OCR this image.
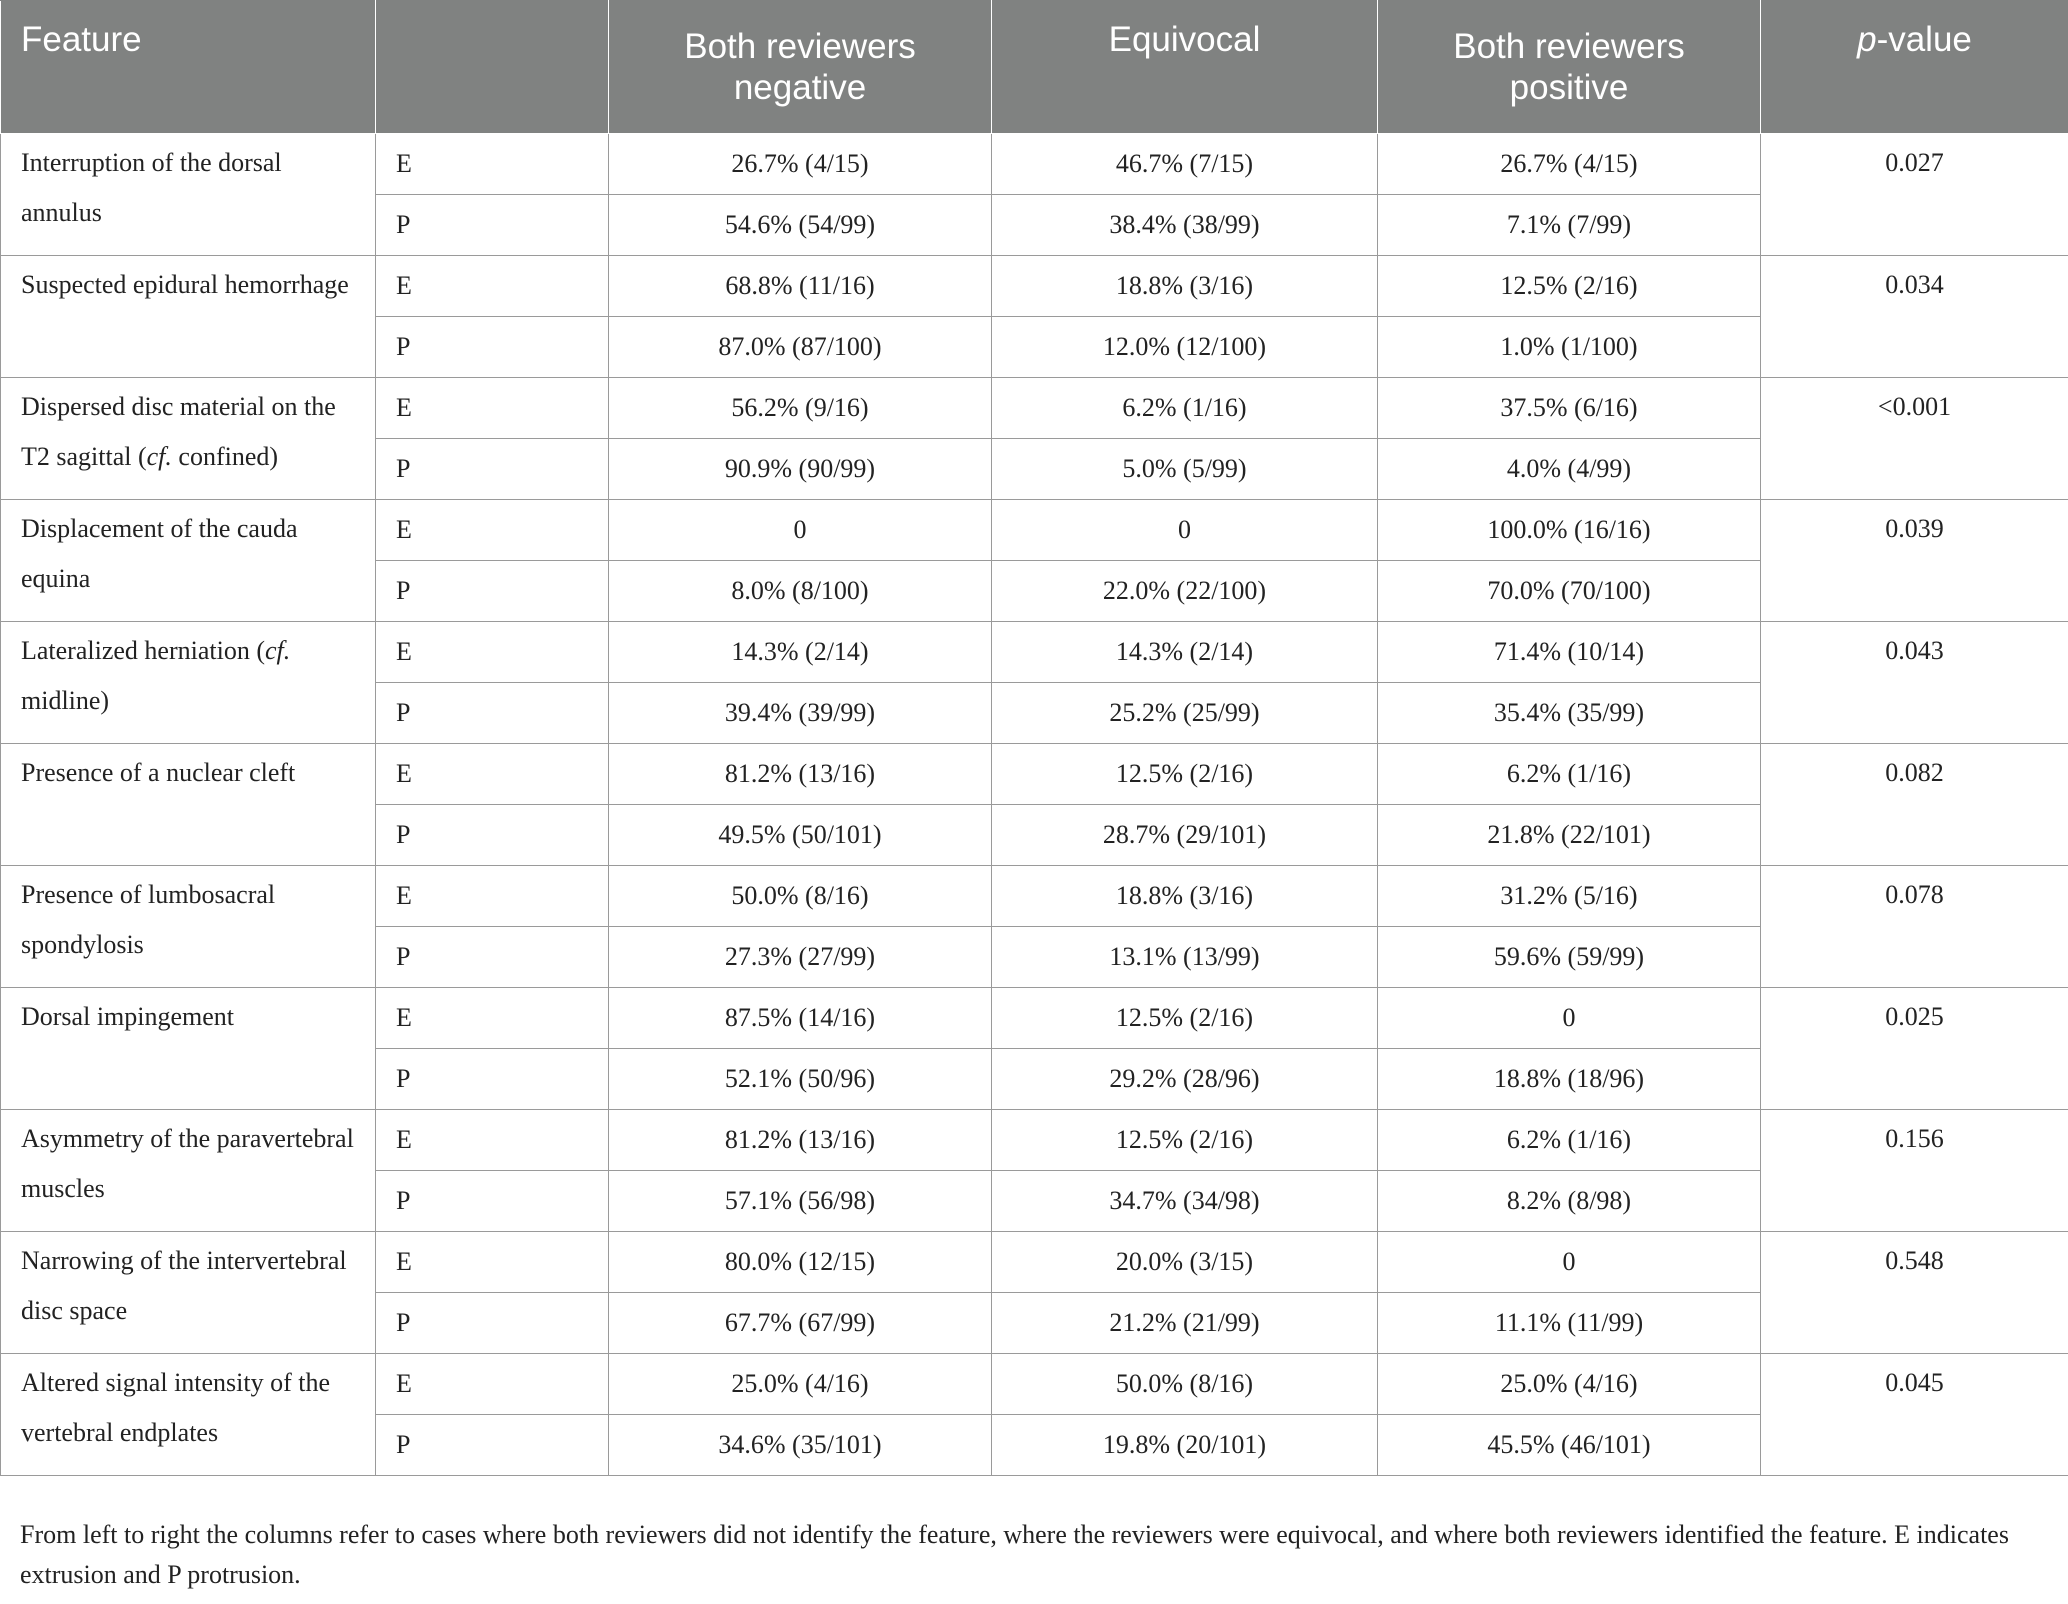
Feature		Both reviewers negative	Equivocal	Both reviewers positive	p-value
Interruption of the dorsal annulus	E	26.7% (4/15)	46.7% (7/15)	26.7% (4/15)	0.027
	P	54.6% (54/99)	38.4% (38/99)	7.1% (7/99)	
Suspected epidural hemorrhage	E	68.8% (11/16)	18.8% (3/16)	12.5% (2/16)	0.034
	P	87.0% (87/100)	12.0% (12/100)	1.0% (1/100)	
Dispersed disc material on the T2 sagittal (cf. confined)	E	56.2% (9/16)	6.2% (1/16)	37.5% (6/16)	<0.001
	P	90.9% (90/99)	5.0% (5/99)	4.0% (4/99)	
Displacement of the cauda equina	E	0	0	100.0% (16/16)	0.039
	P	8.0% (8/100)	22.0% (22/100)	70.0% (70/100)	
Lateralized herniation (cf. midline)	E	14.3% (2/14)	14.3% (2/14)	71.4% (10/14)	0.043
	P	39.4% (39/99)	25.2% (25/99)	35.4% (35/99)	
Presence of a nuclear cleft	E	81.2% (13/16)	12.5% (2/16)	6.2% (1/16)	0.082
	P	49.5% (50/101)	28.7% (29/101)	21.8% (22/101)	
Presence of lumbosacral spondylosis	E	50.0% (8/16)	18.8% (3/16)	31.2% (5/16)	0.078
	P	27.3% (27/99)	13.1% (13/99)	59.6% (59/99)	
Dorsal impingement	E	87.5% (14/16)	12.5% (2/16)	0	0.025
	P	52.1% (50/96)	29.2% (28/96)	18.8% (18/96)	
Asymmetry of the paravertebral muscles	E	81.2% (13/16)	12.5% (2/16)	6.2% (1/16)	0.156
	P	57.1% (56/98)	34.7% (34/98)	8.2% (8/98)	
Narrowing of the intervertebral disc space	E	80.0% (12/15)	20.0% (3/15)	0	0.548
	P	67.7% (67/99)	21.2% (21/99)	11.1% (11/99)	
Altered signal intensity of the vertebral endplates	E	25.0% (4/16)	50.0% (8/16)	25.0% (4/16)	0.045
	P	34.6% (35/101)	19.8% (20/101)	45.5% (46/101)	
From left to right the columns refer to cases where both reviewers did not identify the feature, where the reviewers were equivocal, and where both reviewers identified the feature. E indicates extrusion and P protrusion.
